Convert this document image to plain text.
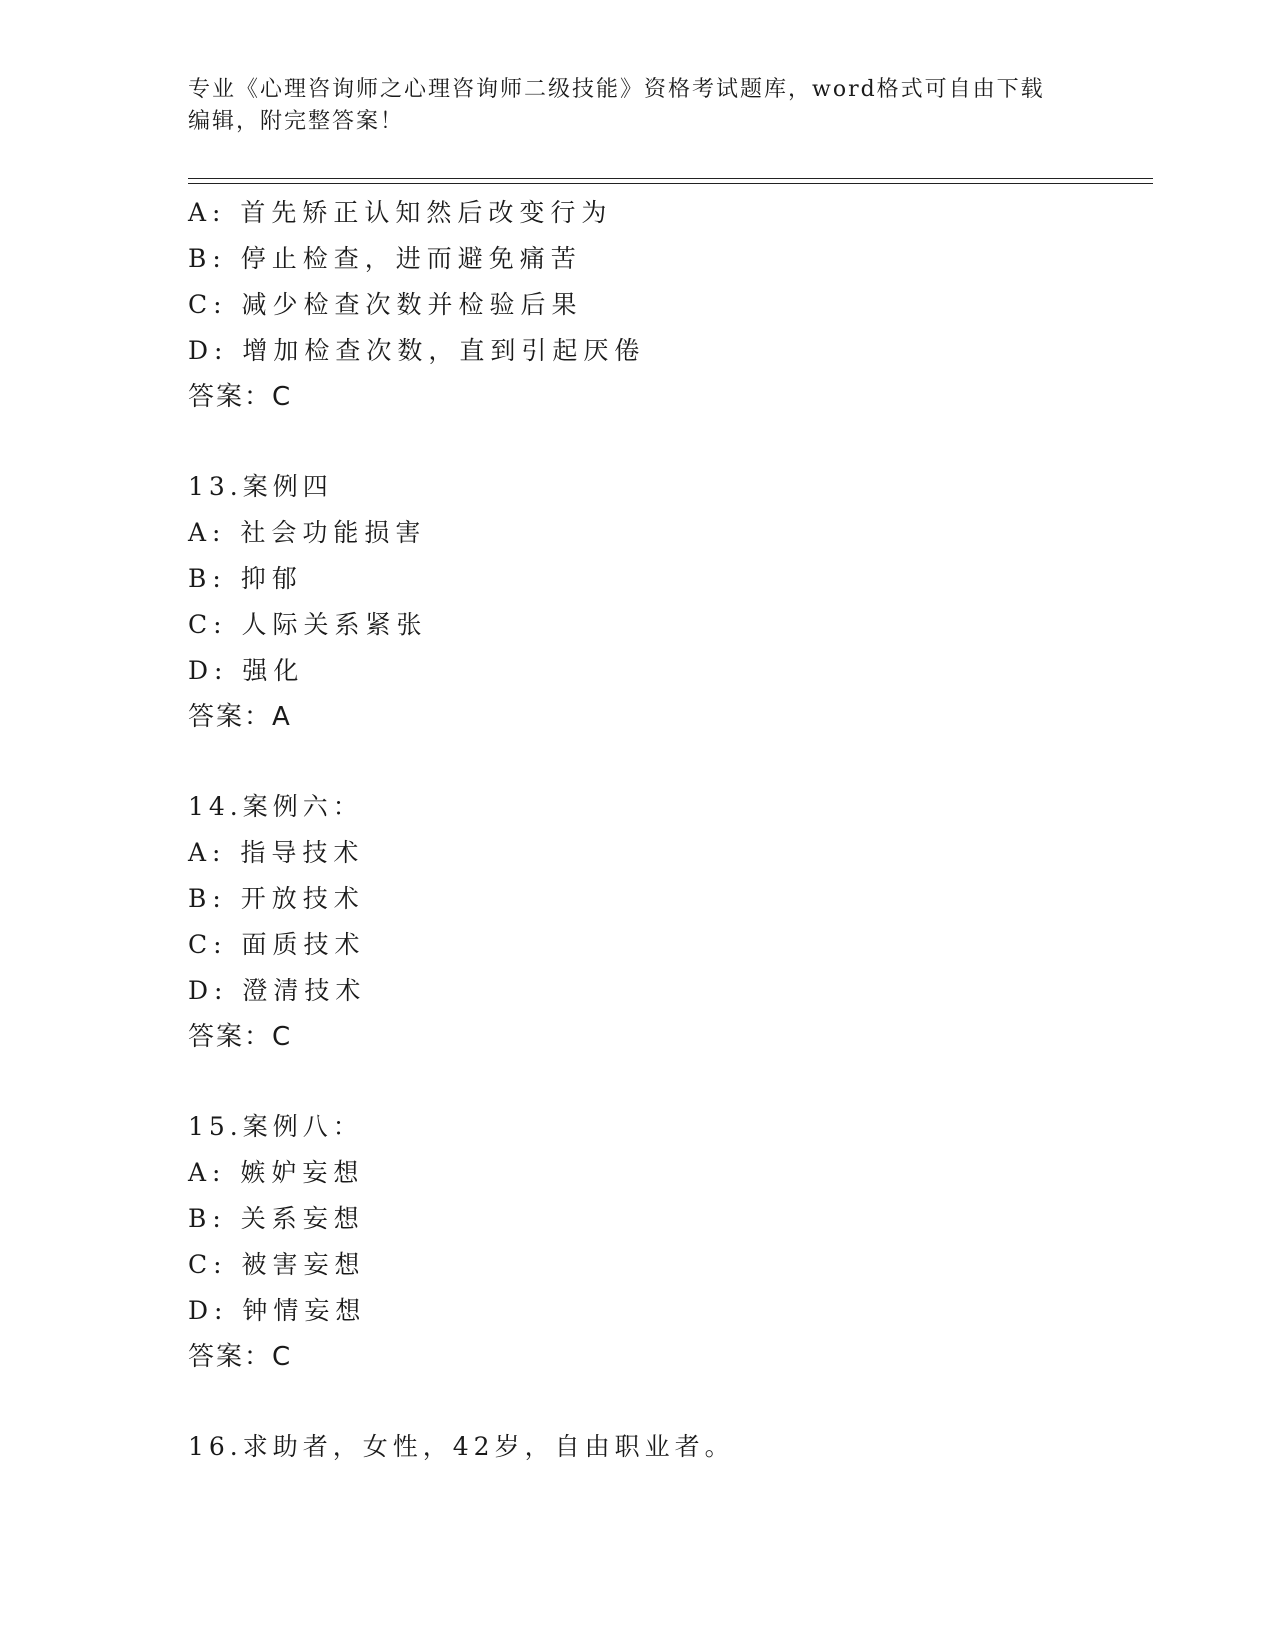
专业《心理咨询师之心理咨询师二级技能》资格考试题库，word格式可自由下载
编辑，附完整答案！
A: 首先矫正认知然后改变行为
B: 停止检查，进而避免痛苦
C: 减少检查次数并检验后果
D: 增加检查次数，直到引起厌倦
答案：C
13.案例四
A: 社会功能损害
B: 抑郁
C: 人际关系紧张
D: 强化
答案：A
14.案例六：
A: 指导技术
B: 开放技术
C: 面质技术
D: 澄清技术
答案：C
15.案例八：
A: 嫉妒妄想
B: 关系妄想
C: 被害妄想
D: 钟情妄想
答案：C
16.求助者，女性，42岁，自由职业者。
